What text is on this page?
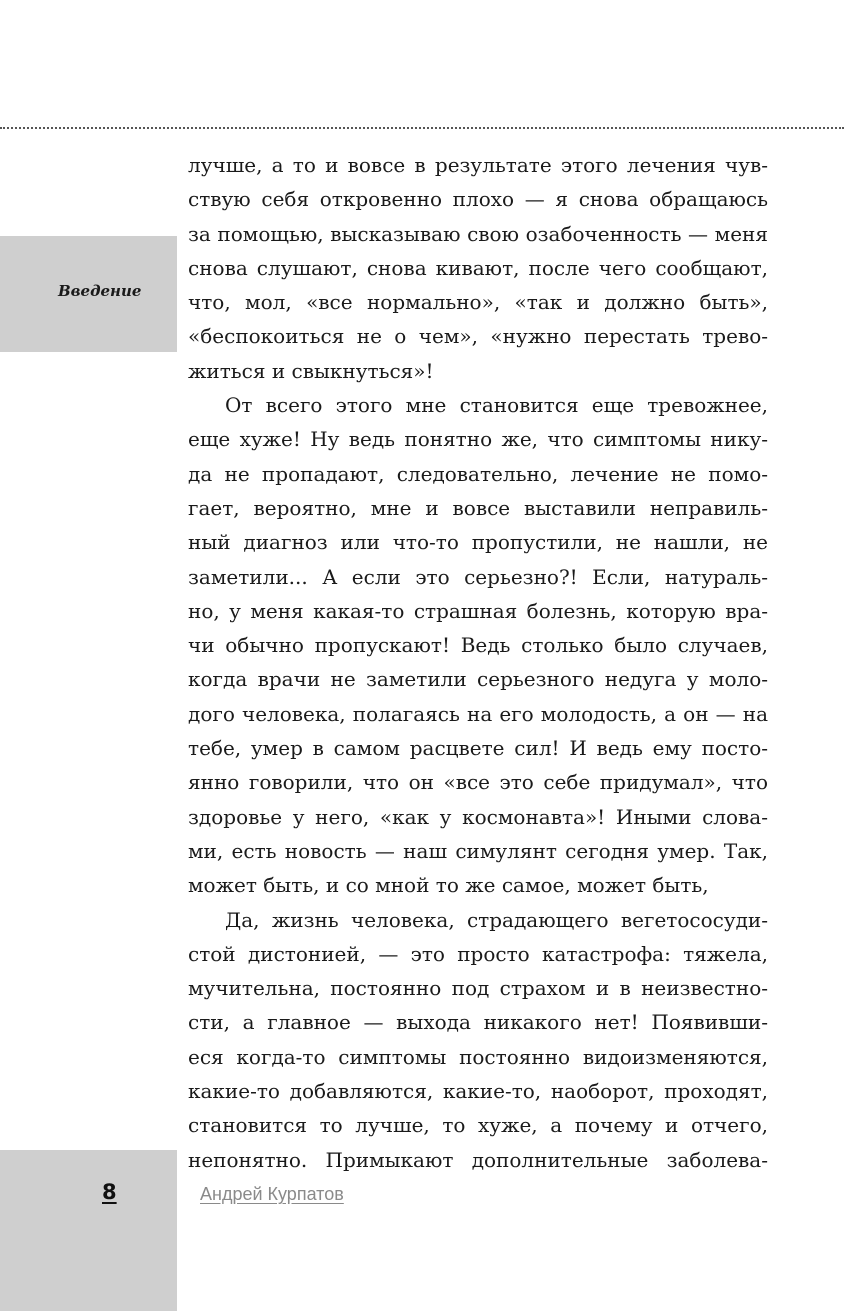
Введение
лучше, а то и вовсе в результате этого лечения чув-
ствую себя откровенно плохо — я снова обращаюсь
за помощью, высказываю свою озабоченность — меня
снова слушают, снова кивают, после чего сообщают,
что, мол, «все нормально», «так и должно быть»,
«беспокоиться не о чем», «нужно перестать трево-
житься и свыкнуться»!
От всего этого мне становится еще тревожнее,
еще хуже! Ну ведь понятно же, что симптомы нику-
да не пропадают, следовательно, лечение не помо-
гает, вероятно, мне и вовсе выставили неправиль-
ный диагноз или что-то пропустили, не нашли, не
заметили... А если это серьезно?! Если, натураль-
но, у меня какая-то страшная болезнь, которую вра-
чи обычно пропускают! Ведь столько было случаев,
когда врачи не заметили серьезного недуга у моло-
дого человека, полагаясь на его молодость, а он — на
тебе, умер в самом расцвете сил! И ведь ему посто-
янно говорили, что он «все это себе придумал», что
здоровье у него, «как у космонавта»! Иными слова-
ми, есть новость — наш симулянт сегодня умер. Так,
может быть, и со мной то же самое, может быть,
Да, жизнь человека, страдающего вегетососуди-
стой дистонией, — это просто катастрофа: тяжела,
мучительна, постоянно под страхом и в неизвестно-
сти, а главное — выхода никакого нет! Появивши-
еся когда-то симптомы постоянно видоизменяются,
какие-то добавляются, какие-то, наоборот, проходят,
становится то лучше, то хуже, а почему и отчего,
непонятно. Примыкают дополнительные заболева-
8	Андрей Курпатов
